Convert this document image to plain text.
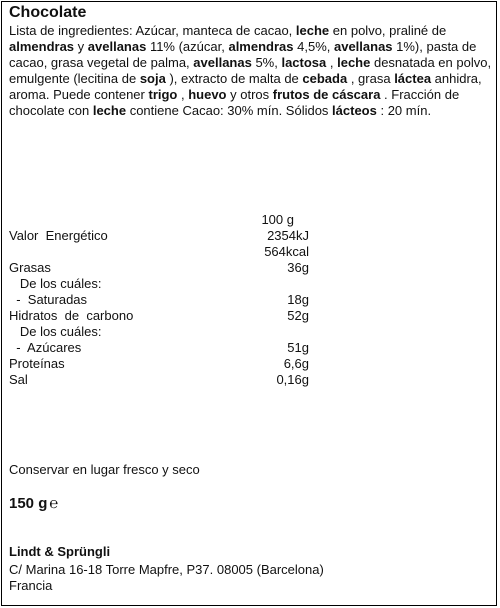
Chocolate

Lista de ingredientes: Azúcar, manteca de cacao, leche en polvo, praliné de almendras y avellanas 11% (azúcar, almendras 4,5%, avellanas 1%), pasta de cacao, grasa vegetal de palma, avellanas 5%, lactosa , leche desnatada en polvo, emulgente (lecitina de soja ), extracto de malta de cebada , grasa láctea anhidra, aroma. Puede contener trigo , huevo y otros frutos de cáscara . Fracción de chocolate con leche contiene Cacao: 30% mín. Sólidos lácteos : 20 mín.

100 g
Valor  Energético	2354kJ
564kcal
Grasas	36g
De los cuáles:
-  Saturadas	18g
Hidratos  de  carbono	52g
De los cuáles:
-  Azúcares	51g
Proteínas	6,6g
Sal	0,16g
Conservar en lugar fresco y seco
150 g ℮
Lindt & Sprüngli
C/ Marina 16-18 Torre Mapfre, P37. 08005 (Barcelona)
Francia
